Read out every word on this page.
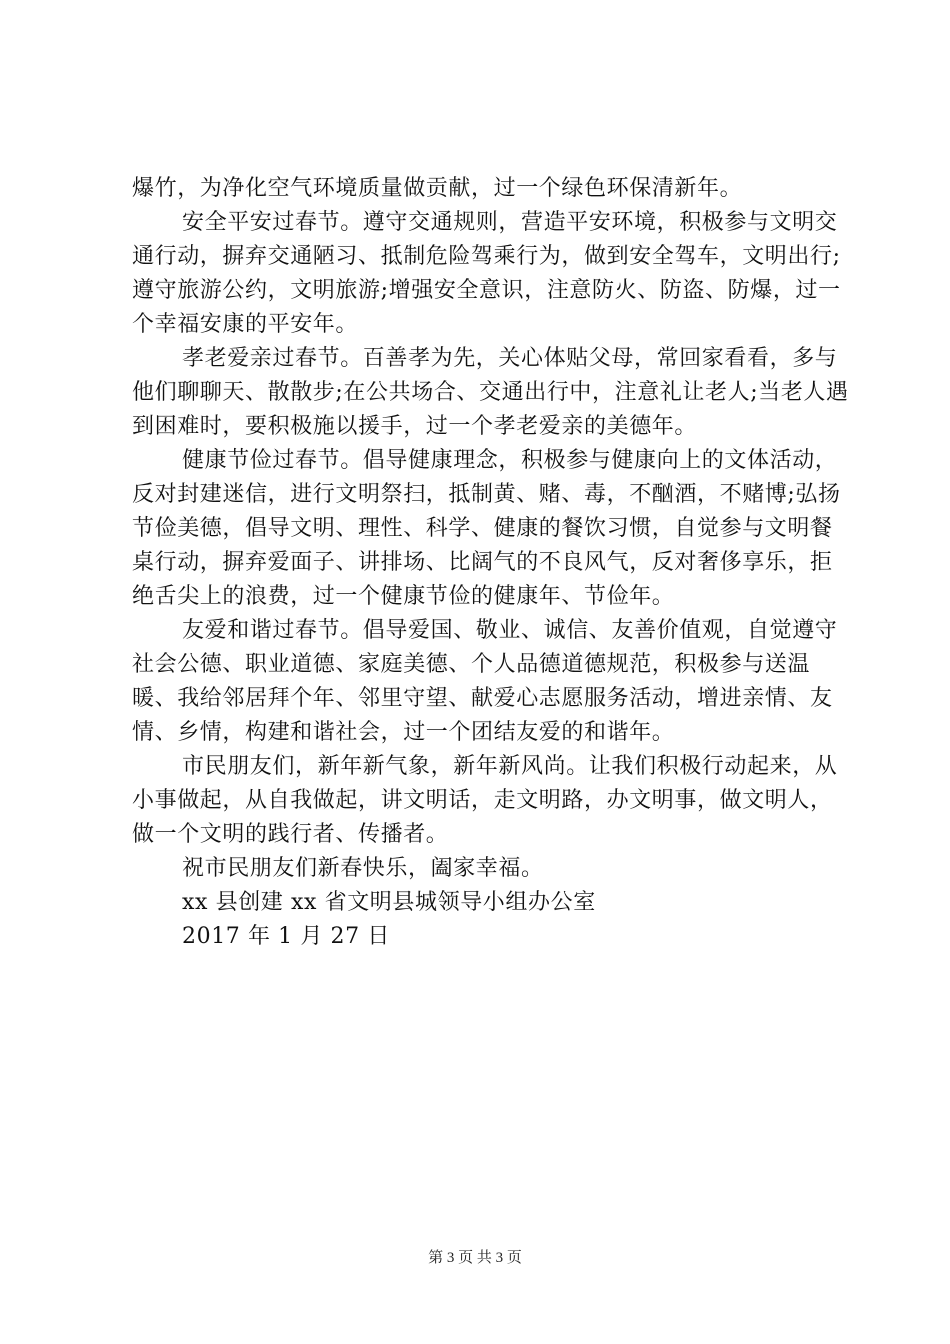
爆竹，为净化空气环境质量做贡献，过一个绿色环保清新年。

安全平安过春节。遵守交通规则，营造平安环境，积极参与文明交通行动，摒弃交通陋习、抵制危险驾乘行为，做到安全驾车，文明出行;遵守旅游公约，文明旅游;增强安全意识，注意防火、防盗、防爆，过一个幸福安康的平安年。

孝老爱亲过春节。百善孝为先，关心体贴父母，常回家看看，多与他们聊聊天、散散步;在公共场合、交通出行中，注意礼让老人;当老人遇到困难时，要积极施以援手，过一个孝老爱亲的美德年。

健康节俭过春节。倡导健康理念，积极参与健康向上的文体活动，反对封建迷信，进行文明祭扫，抵制黄、赌、毒，不酗酒，不赌博;弘扬节俭美德，倡导文明、理性、科学、健康的餐饮习惯，自觉参与文明餐桌行动，摒弃爱面子、讲排场、比阔气的不良风气，反对奢侈享乐，拒绝舌尖上的浪费，过一个健康节俭的健康年、节俭年。

友爱和谐过春节。倡导爱国、敬业、诚信、友善价值观，自觉遵守社会公德、职业道德、家庭美德、个人品德道德规范，积极参与送温暖、我给邻居拜个年、邻里守望、献爱心志愿服务活动，增进亲情、友情、乡情，构建和谐社会，过一个团结友爱的和谐年。

市民朋友们，新年新气象，新年新风尚。让我们积极行动起来，从小事做起，从自我做起，讲文明话，走文明路，办文明事，做文明人，做一个文明的践行者、传播者。

祝市民朋友们新春快乐，阖家幸福。

xx 县创建 xx 省文明县城领导小组办公室

2017 年 1 月 27 日

第 3 页 共 3 页
